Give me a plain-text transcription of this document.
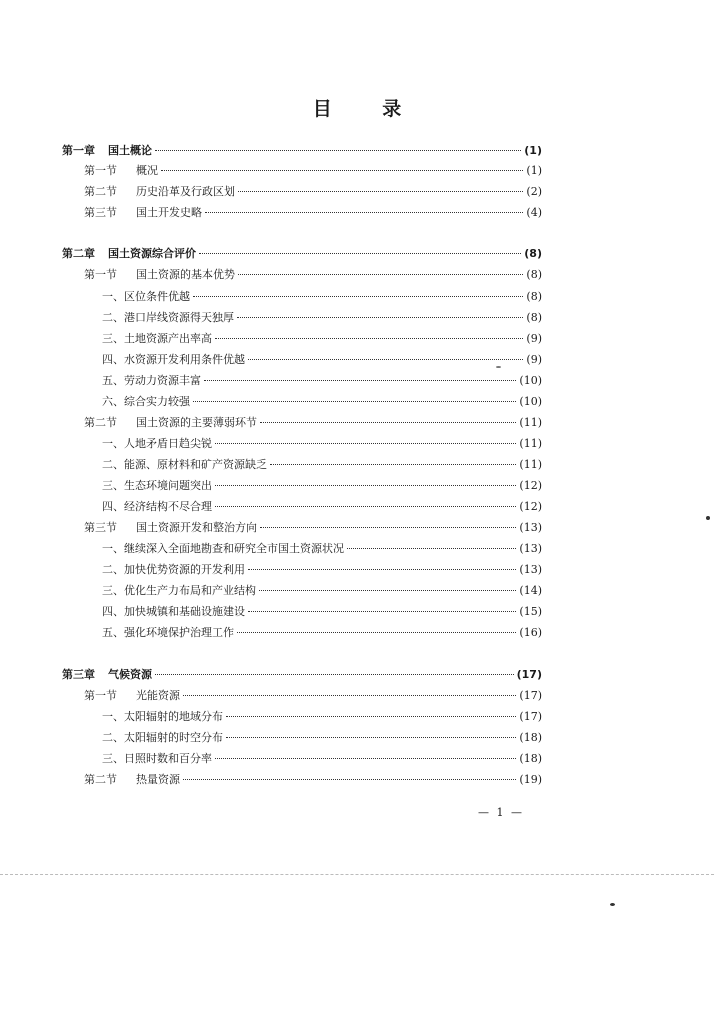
目 录
第一章 国土概论	(1)
第一节 概况	(1)
第二节 历史沿革及行政区划	(2)
第三节 国土开发史略	(4)
第二章 国土资源综合评价	(8)
第一节 国土资源的基本优势	(8)
一、区位条件优越	(8)
二、港口岸线资源得天独厚	(8)
三、土地资源产出率高	(9)
四、水资源开发利用条件优越	(9)
五、劳动力资源丰富	(10)
六、综合实力较强	(10)
第二节 国土资源的主要薄弱环节	(11)
一、人地矛盾日趋尖锐	(11)
二、能源、原材料和矿产资源缺乏	(11)
三、生态环境问题突出	(12)
四、经济结构不尽合理	(12)
第三节 国土资源开发和整治方向	(13)
一、继续深入全面地勘查和研究全市国土资源状况	(13)
二、加快优势资源的开发利用	(13)
三、优化生产力布局和产业结构	(14)
四、加快城镇和基础设施建设	(15)
五、强化环境保护治理工作	(16)
第三章 气候资源	(17)
第一节 光能资源	(17)
一、太阳辐射的地域分布	(17)
二、太阳辐射的时空分布	(18)
三、日照时数和百分率	(18)
第二节 热量资源	(19)
— 1 —
